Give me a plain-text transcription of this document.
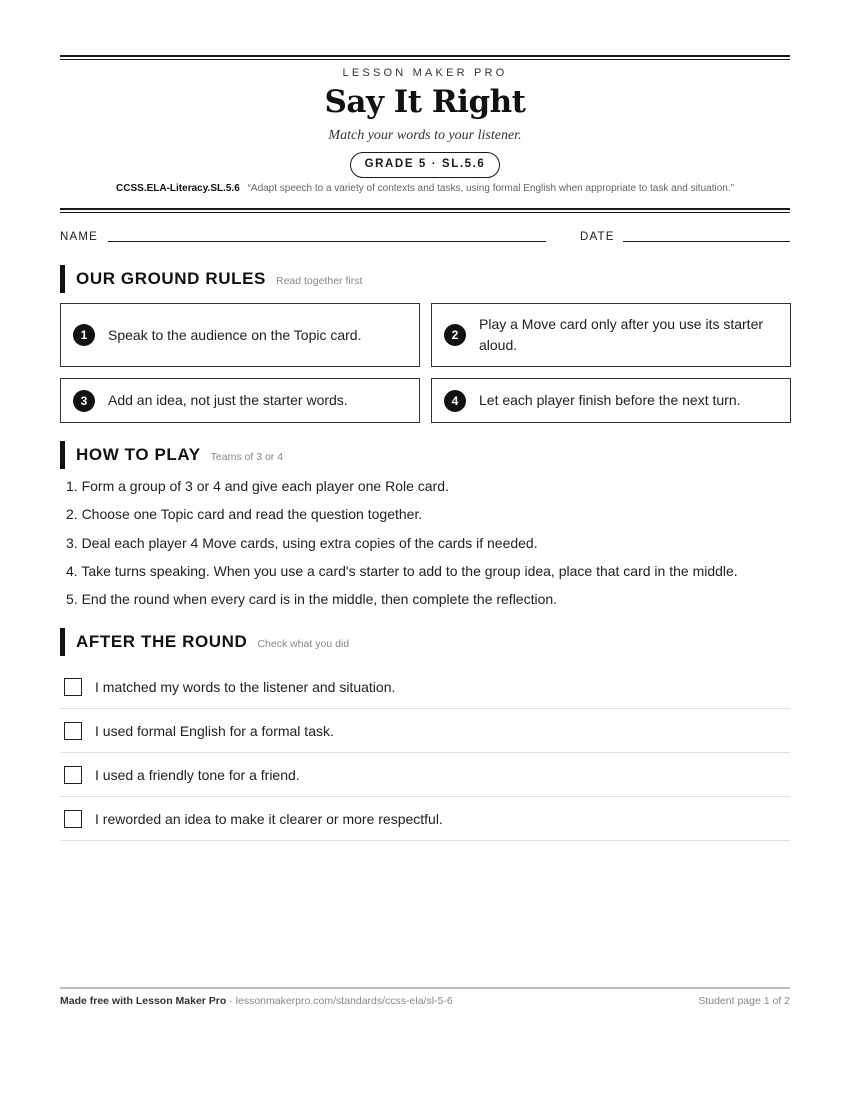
LESSON MAKER PRO
Say It Right
Match your words to your listener.
GRADE 5 · SL.5.6
CCSS.ELA-Literacy.SL.5.6 “Adapt speech to a variety of contexts and tasks, using formal English when appropriate to task and situation.”
NAME	DATE
OUR GROUND RULES Read together first
1	Speak to the audience on the Topic card.	2
Play a Move card only after you use its starter aloud.
3	Add an idea, not just the starter words.	4	Let each player finish before the next turn.
HOW TO PLAY Teams of 3 or 4
1. Form a group of 3 or 4 and give each player one Role card.
2. Choose one Topic card and read the question together.
3. Deal each player 4 Move cards, using extra copies of the cards if needed.
4. Take turns speaking. When you use a card's starter to add to the group idea, place that card in the middle.
5. End the round when every card is in the middle, then complete the reflection.
AFTER THE ROUND Check what you did
I matched my words to the listener and situation.
I used formal English for a formal task.
I used a friendly tone for a friend.
I reworded an idea to make it clearer or more respectful.
Made free with Lesson Maker Pro · lessonmakerpro.com/standards/ccss-ela/sl-5-6	Student page 1 of 2
